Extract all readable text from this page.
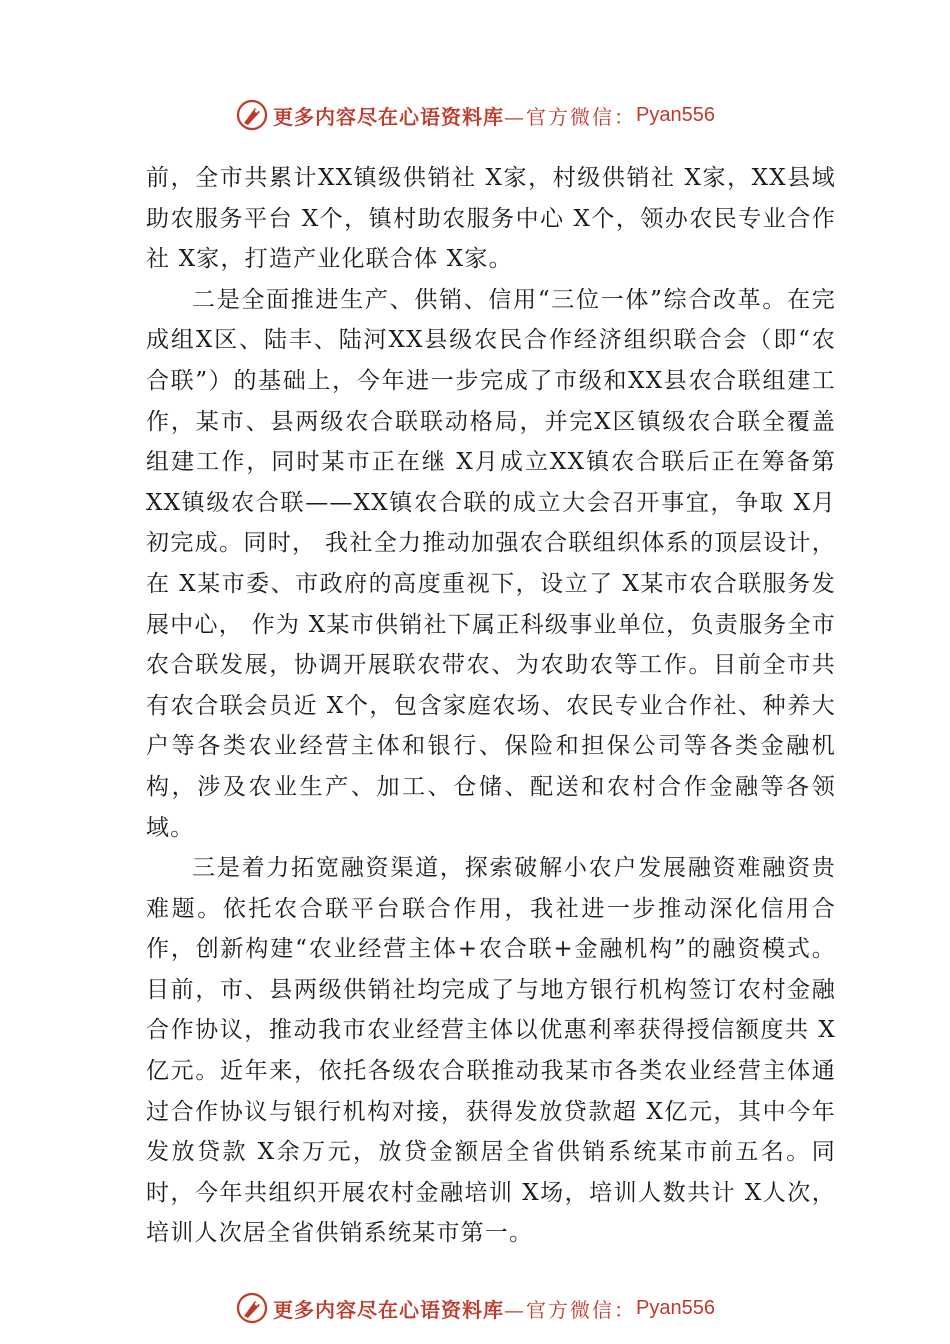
更多内容尽在心语资料库 —官方微信： Pyan556

前，全市共累计XX镇级供销社 X家，村级供销社 X家，XX县域助农服务平台 X个，镇村助农服务中心 X个，领办农民专业合作社 X家，打造产业化联合体 X家。

二是全面推进生产、供销、信用“三位一体”综合改革。在完成组X区、陆丰、陆河XX县级农民合作经济组织联合会（即“农合联”）的基础上，今年进一步完成了市级和XX县农合联组建工作，某市、县两级农合联联动格局，并完X区镇级农合联全覆盖组建工作，同时某市正在继 X月成立XX镇农合联后正在筹备第XX镇级农合联——XX镇农合联的成立大会召开事宜，争取 X月初完成。同时， 我社全力推动加强农合联组织体系的顶层设计，在 X某市委、市政府的高度重视下，设立了 X某市农合联服务发展中心， 作为 X某市供销社下属正科级事业单位，负责服务全市农合联发展，协调开展联农带农、为农助农等工作。目前全市共有农合联会员近 X个，包含家庭农场、农民专业合作社、种养大户等各类农业经营主体和银行、保险和担保公司等各类金融机构，涉及农业生产、加工、仓储、配送和农村合作金融等各领域。

三是着力拓宽融资渠道，探索破解小农户发展融资难融资贵难题。依托农合联平台联合作用，我社进一步推动深化信用合作，创新构建“农业经营主体+农合联+金融机构”的融资模式。目前，市、县两级供销社均完成了与地方银行机构签订农村金融合作协议，推动我市农业经营主体以优惠利率获得授信额度共 X亿元。近年来，依托各级农合联推动我某市各类农业经营主体通过合作协议与银行机构对接，获得发放贷款超 X亿元，其中今年发放贷款 X余万元，放贷金额居全省供销系统某市前五名。同时，今年共组织开展农村金融培训 X场，培训人数共计 X人次，培训人次居全省供销系统某市第一。

更多内容尽在心语资料库 —官方微信： Pyan556
